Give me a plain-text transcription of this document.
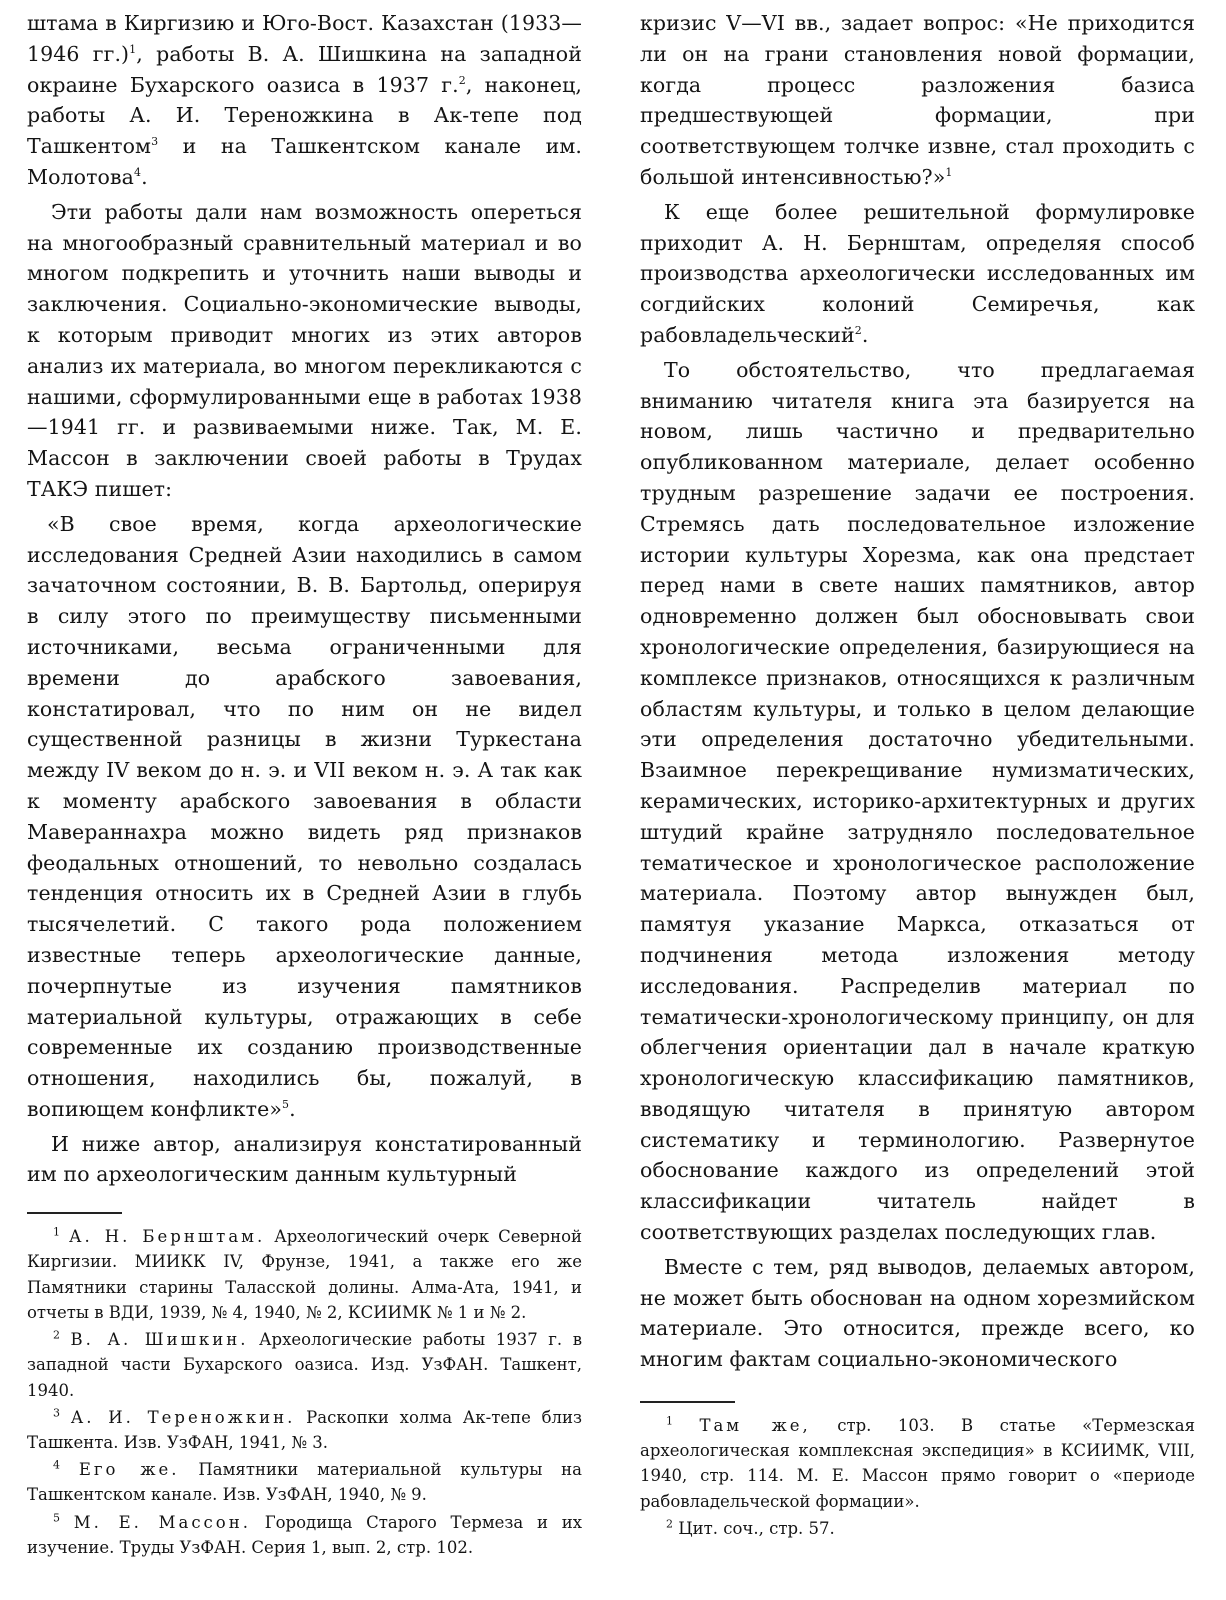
штама в Киргизию и Юго-Вост. Казахстан (1933—1946 гг.)$^1$, работы В. А. Шишкина на западной окраине Бухарского оазиса в 1937 г.$^2$, наконец, работы А. И. Тереножкина в Ак-тепе под Ташкентом$^3$ и на Ташкентском канале им. Молотова$^4$.

Эти работы дали нам возможность опереться на многообразный сравнительный материал и во многом подкрепить и уточнить наши выводы и заключения. Социально-экономические выводы, к которым приводит многих из этих авторов анализ их материала, во многом перекликаются с нашими, сформулированными еще в работах 1938—1941 гг. и развиваемыми ниже. Так, М. Е. Массон в заключении своей работы в Трудах ТАКЭ пишет:

«В свое время, когда археологические исследования Средней Азии находились в самом зачаточном состоянии, В. В. Бартольд, оперируя в силу этого по преимуществу письменными источниками, весьма ограниченными для времени до арабского завоевания, констатировал, что по ним он не видел существенной разницы в жизни Туркестана между IV веком до н. э. и VII веком н. э. А так как к моменту арабского завоевания в области Мавераннахра можно видеть ряд признаков феодальных отношений, то невольно создалась тенденция относить их в Средней Азии в глубь тысячелетий. С такого рода положением известные теперь археологические данные, почерпнутые из изучения памятников материальной культуры, отражающих в себе современные их созданию производственные отношения, находились бы, пожалуй, в вопиющем конфликте»$^5$.

И ниже автор, анализируя констатированный им по археологическим данным культурный

$^1$ А. Н. Бернштам. Археологический очерк Северной Киргизии. МИИКК IV, Фрунзе, 1941, а также его же Памятники старины Таласской долины. Алма-Ата, 1941, и отчеты в ВДИ, 1939, № 4, 1940, № 2, КСИИМК № 1 и № 2.

$^2$ В. А. Шишкин. Археологические работы 1937 г. в западной части Бухарского оазиса. Изд. УзФАН. Ташкент, 1940.

$^3$ А. И. Тереножкин. Раскопки холма Ак-тепе близ Ташкента. Изв. УзФАН, 1941, № 3.

$^4$ Его же. Памятники материальной культуры на Ташкентском канале. Изв. УзФАН, 1940, № 9.

$^5$ М. Е. Массон. Городища Старого Термеза и их изучение. Труды УзФАН. Серия 1, вып. 2, стр. 102.

кризис V—VI вв., задает вопрос: «Не приходится ли он на грани становления новой формации, когда процесс разложения базиса предшествующей формации, при соответствующем толчке извне, стал проходить с большой интенсивностью?»$^1$

К еще более решительной формулировке приходит А. Н. Бернштам, определяя способ производства археологически исследованных им согдийских колоний Семиречья, как рабовладельческий$^2$.

То обстоятельство, что предлагаемая вниманию читателя книга эта базируется на новом, лишь частично и предварительно опубликованном материале, делает особенно трудным разрешение задачи ее построения. Стремясь дать последовательное изложение истории культуры Хорезма, как она предстает перед нами в свете наших памятников, автор одновременно должен был обосновывать свои хронологические определения, базирующиеся на комплексе признаков, относящихся к различным областям культуры, и только в целом делающие эти определения достаточно убедительными. Взаимное перекрещивание нумизматических, керамических, историко-архитектурных и других штудий крайне затрудняло последовательное тематическое и хронологическое расположение материала. Поэтому автор вынужден был, памятуя указание Маркса, отказаться от подчинения метода изложения методу исследования. Распределив материал по тематически-хронологическому принципу, он для облегчения ориентации дал в начале краткую хронологическую классификацию памятников, вводящую читателя в принятую автором систематику и терминологию. Развернутое обоснование каждого из определений этой классификации читатель найдет в соответствующих разделах последующих глав.

Вместе с тем, ряд выводов, делаемых автором, не может быть обоснован на одном хорезмийском материале. Это относится, прежде всего, ко многим фактам социально-экономического

$^1$ Там же, стр. 103. В статье «Термезская археологическая комплексная экспедиция» в КСИИМК, VIII, 1940, стр. 114. М. Е. Массон прямо говорит о «периоде рабовладельческой формации».

$^2$ Цит. соч., стр. 57.
